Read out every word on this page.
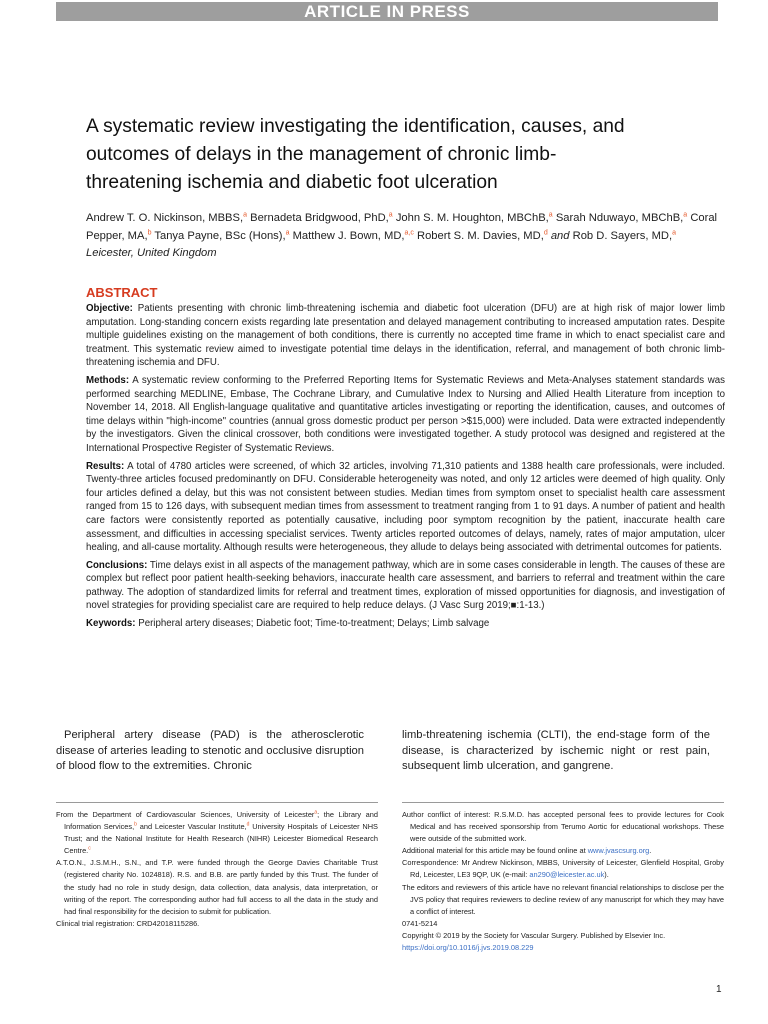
ARTICLE IN PRESS
A systematic review investigating the identification, causes, and outcomes of delays in the management of chronic limb-threatening ischemia and diabetic foot ulceration
Andrew T. O. Nickinson, MBBS,$^a$ Bernadeta Bridgwood, PhD,$^a$ John S. M. Houghton, MBChB,$^a$ Sarah Nduwayo, MBChB,$^a$ Coral Pepper, MA,$^b$ Tanya Payne, BSc (Hons),$^a$ Matthew J. Bown, MD,$^{a,c}$ Robert S. M. Davies, MD,$^d$ and Rob D. Sayers, MD,$^a$ Leicester, United Kingdom
ABSTRACT

Objective: Patients presenting with chronic limb-threatening ischemia and diabetic foot ulceration (DFU) are at high risk of major lower limb amputation. Long-standing concern exists regarding late presentation and delayed management contributing to increased amputation rates. Despite multiple guidelines existing on the management of both conditions, there is currently no accepted time frame in which to enact specialist care and treatment. This systematic review aimed to investigate potential time delays in the identification, referral, and management of both chronic limb-threatening ischemia and DFU.

Methods: A systematic review conforming to the Preferred Reporting Items for Systematic Reviews and Meta-Analyses statement standards was performed searching MEDLINE, Embase, The Cochrane Library, and Cumulative Index to Nursing and Allied Health Literature from inception to November 14, 2018. All English-language qualitative and quantitative articles investigating or reporting the identification, causes, and outcomes of time delays within "high-income" countries (annual gross domestic product per person >$15,000) were included. Data were extracted independently by the investigators. Given the clinical crossover, both conditions were investigated together. A study protocol was designed and registered at the International Prospective Register of Systematic Reviews.

Results: A total of 4780 articles were screened, of which 32 articles, involving 71,310 patients and 1388 health care professionals, were included. Twenty-three articles focused predominantly on DFU. Considerable heterogeneity was noted, and only 12 articles were deemed of high quality. Only four articles defined a delay, but this was not consistent between studies. Median times from symptom onset to specialist health care assessment ranged from 15 to 126 days, with subsequent median times from assessment to treatment ranging from 1 to 91 days. A number of patient and health care factors were consistently reported as potentially causative, including poor symptom recognition by the patient, inaccurate health care assessment, and difficulties in accessing specialist services. Twenty articles reported outcomes of delays, namely, rates of major amputation, ulcer healing, and all-cause mortality. Although results were heterogeneous, they allude to delays being associated with detrimental outcomes for patients.

Conclusions: Time delays exist in all aspects of the management pathway, which are in some cases considerable in length. The causes of these are complex but reflect poor patient health-seeking behaviors, inaccurate health care assessment, and barriers to referral and treatment within the care pathway. The adoption of standardized limits for referral and treatment times, exploration of missed opportunities for diagnosis, and investigation of novel strategies for providing specialist care are required to help reduce delays. (J Vasc Surg 2019;■:1-13.)

Keywords: Peripheral artery diseases; Diabetic foot; Time-to-treatment; Delays; Limb salvage

Peripheral artery disease (PAD) is the atherosclerotic disease of arteries leading to stenotic and occlusive disruption of blood flow to the extremities. Chronic
limb-threatening ischemia (CLTI), the end-stage form of the disease, is characterized by ischemic night or rest pain, subsequent limb ulceration, and gangrene.

From the Department of Cardiovascular Sciences, University of Leicester$^a$; the Library and Information Services,$^b$ and Leicester Vascular Institute,$^d$ University Hospitals of Leicester NHS Trust; and the National Institute for Health Research (NIHR) Leicester Biomedical Research Centre.$^c$

A.T.O.N., J.S.M.H., S.N., and T.P. were funded through the George Davies Charitable Trust (registered charity No. 1024818). R.S. and B.B. are partly funded by this Trust. The funder of the study had no role in study design, data collection, data analysis, data interpretation, or writing of the report. The corresponding author had full access to all the data in the study and had final responsibility for the decision to submit for publication.

Clinical trial registration: CRD42018115286.

Author conflict of interest: R.S.M.D. has accepted personal fees to provide lectures for Cook Medical and has received sponsorship from Terumo Aortic for educational workshops. These were outside of the submitted work.

Additional material for this article may be found online at www.jvascsurg.org.

Correspondence: Mr Andrew Nickinson, MBBS, University of Leicester, Glenfield Hospital, Groby Rd, Leicester, LE3 9QP, UK (e-mail: an290@leicester.ac.uk).

The editors and reviewers of this article have no relevant financial relationships to disclose per the JVS policy that requires reviewers to decline review of any manuscript for which they may have a conflict of interest.

0741-5214

Copyright © 2019 by the Society for Vascular Surgery. Published by Elsevier Inc.

https://doi.org/10.1016/j.jvs.2019.08.229

1
